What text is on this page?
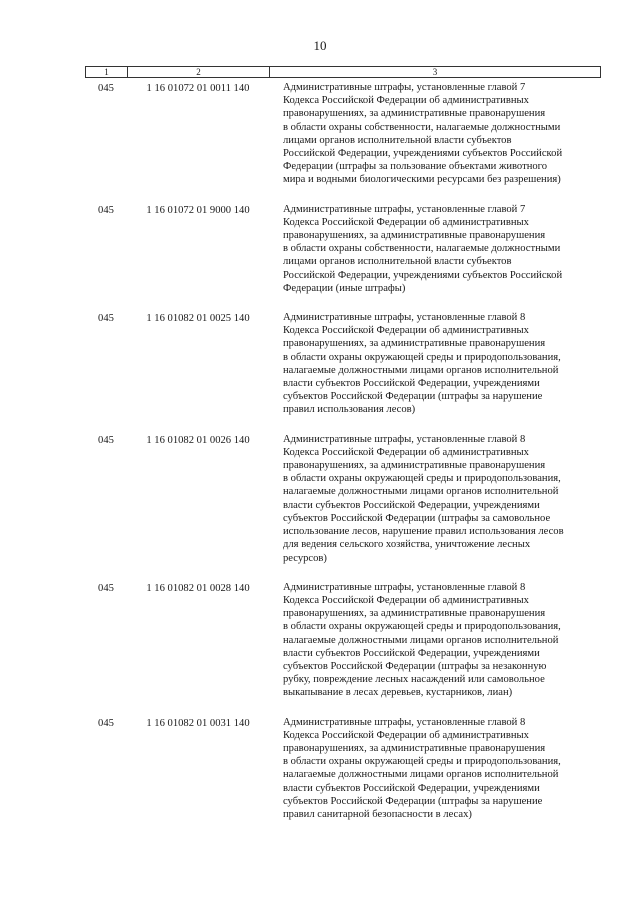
10
1	2	3
045	1 16 01072 01 0011 140	Административные штрафы, установленные главой 7
Кодекса Российской Федерации об административных
правонарушениях, за административные правонарушения
в области охраны собственности, налагаемые должностными
лицами органов исполнительной власти субъектов
Российской Федерации, учреждениями субъектов Российской
Федерации (штрафы за пользование объектами животного
мира и водными биологическими ресурсами без разрешения)
045	1 16 01072 01 9000 140	Административные штрафы, установленные главой 7
Кодекса Российской Федерации об административных
правонарушениях, за административные правонарушения
в области охраны собственности, налагаемые должностными
лицами органов исполнительной власти субъектов
Российской Федерации, учреждениями субъектов Российской
Федерации (иные штрафы)
045	1 16 01082 01 0025 140	Административные штрафы, установленные главой 8
Кодекса Российской Федерации об административных
правонарушениях, за административные правонарушения
в области охраны окружающей среды и природопользования,
налагаемые должностными лицами органов исполнительной
власти субъектов Российской Федерации, учреждениями
субъектов Российской Федерации (штрафы за нарушение
правил использования лесов)
045	1 16 01082 01 0026 140	Административные штрафы, установленные главой 8
Кодекса Российской Федерации об административных
правонарушениях, за административные правонарушения
в области охраны окружающей среды и природопользования,
налагаемые должностными лицами органов исполнительной
власти субъектов Российской Федерации, учреждениями
субъектов Российской Федерации (штрафы за самовольное
использование лесов, нарушение правил использования лесов
для ведения сельского хозяйства, уничтожение лесных
ресурсов)
045	1 16 01082 01 0028 140	Административные штрафы, установленные главой 8
Кодекса Российской Федерации об административных
правонарушениях, за административные правонарушения
в области охраны окружающей среды и природопользования,
налагаемые должностными лицами органов исполнительной
власти субъектов Российской Федерации, учреждениями
субъектов Российской Федерации (штрафы за незаконную
рубку, повреждение лесных насаждений или самовольное
выкапывание в лесах деревьев, кустарников, лиан)
045	1 16 01082 01 0031 140	Административные штрафы, установленные главой 8
Кодекса Российской Федерации об административных
правонарушениях, за административные правонарушения
в области охраны окружающей среды и природопользования,
налагаемые должностными лицами органов исполнительной
власти субъектов Российской Федерации, учреждениями
субъектов Российской Федерации (штрафы за нарушение
правил санитарной безопасности в лесах)
